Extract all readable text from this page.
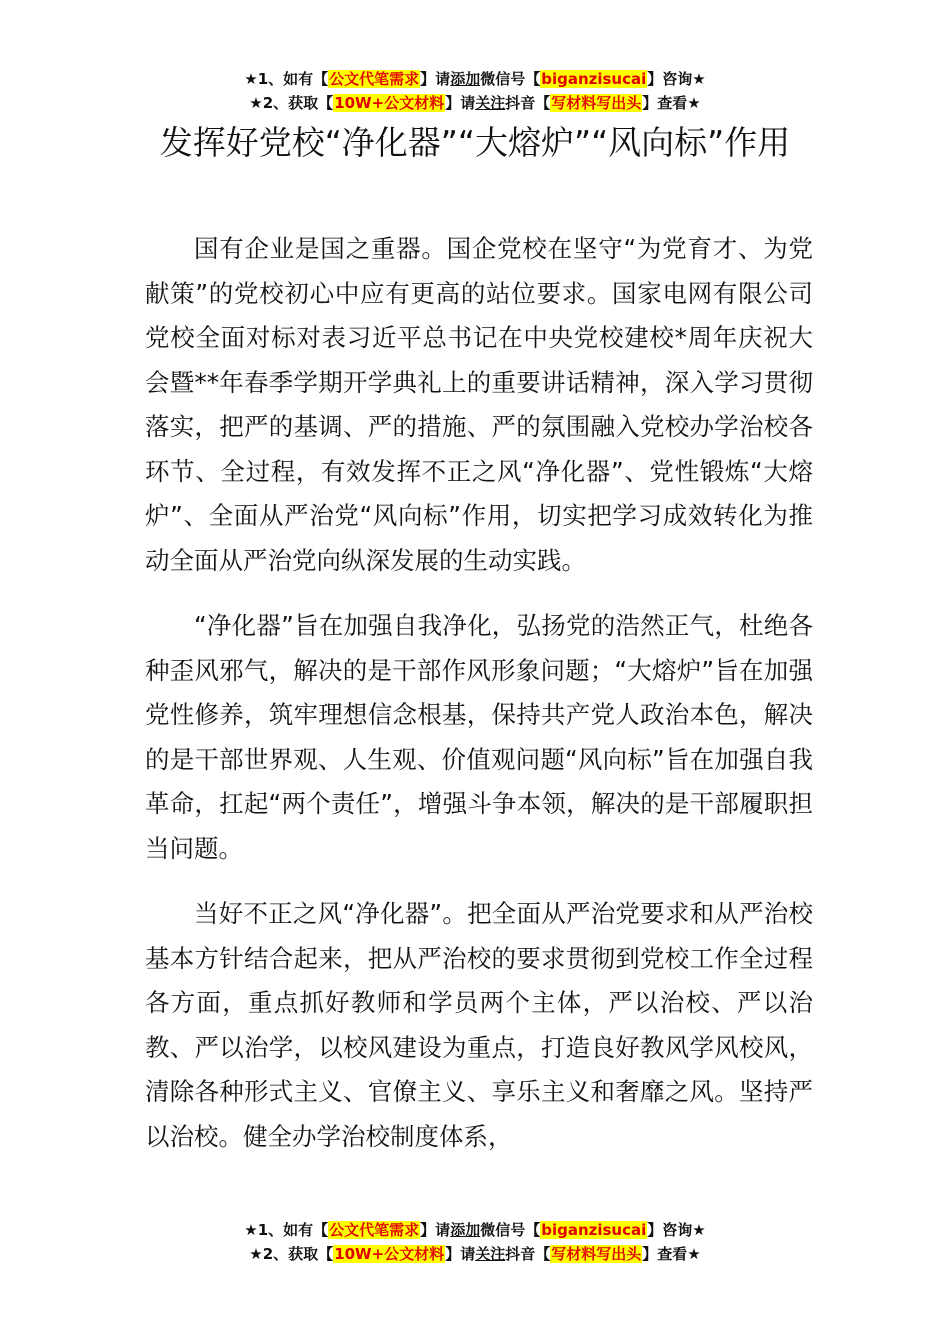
★1、如有【公文代笔需求】请添加微信号【biganzisucai】咨询★
★2、获取【10W+公文材料】请关注抖音【写材料写出头】查看★
发挥好党校“净化器”“大熔炉”“风向标”作用

国有企业是国之重器。国企党校在坚守“为党育才、为党献策”的党校初心中应有更高的站位要求。国家电网有限公司党校全面对标对表习近平总书记在中央党校建校*周年庆祝大会暨**年春季学期开学典礼上的重要讲话精神，深入学习贯彻落实，把严的基调、严的措施、严的氛围融入党校办学治校各环节、全过程，有效发挥不正之风“净化器”、党性锻炼“大熔炉”、全面从严治党“风向标”作用，切实把学习成效转化为推动全面从严治党向纵深发展的生动实践。

“净化器”旨在加强自我净化，弘扬党的浩然正气，杜绝各种歪风邪气，解决的是干部作风形象问题；“大熔炉”旨在加强党性修养，筑牢理想信念根基，保持共产党人政治本色，解决的是干部世界观、人生观、价值观问题“风向标”旨在加强自我革命，扛起“两个责任”，增强斗争本领，解决的是干部履职担当问题。

当好不正之风“净化器”。把全面从严治党要求和从严治校基本方针结合起来，把从严治校的要求贯彻到党校工作全过程各方面，重点抓好教师和学员两个主体，严以治校、严以治教、严以治学，以校风建设为重点，打造良好教风学风校风，清除各种形式主义、官僚主义、享乐主义和奢靡之风。坚持严以治校。健全办学治校制度体系，

★1、如有【公文代笔需求】请添加微信号【biganzisucai】咨询★
★2、获取【10W+公文材料】请关注抖音【写材料写出头】查看★
